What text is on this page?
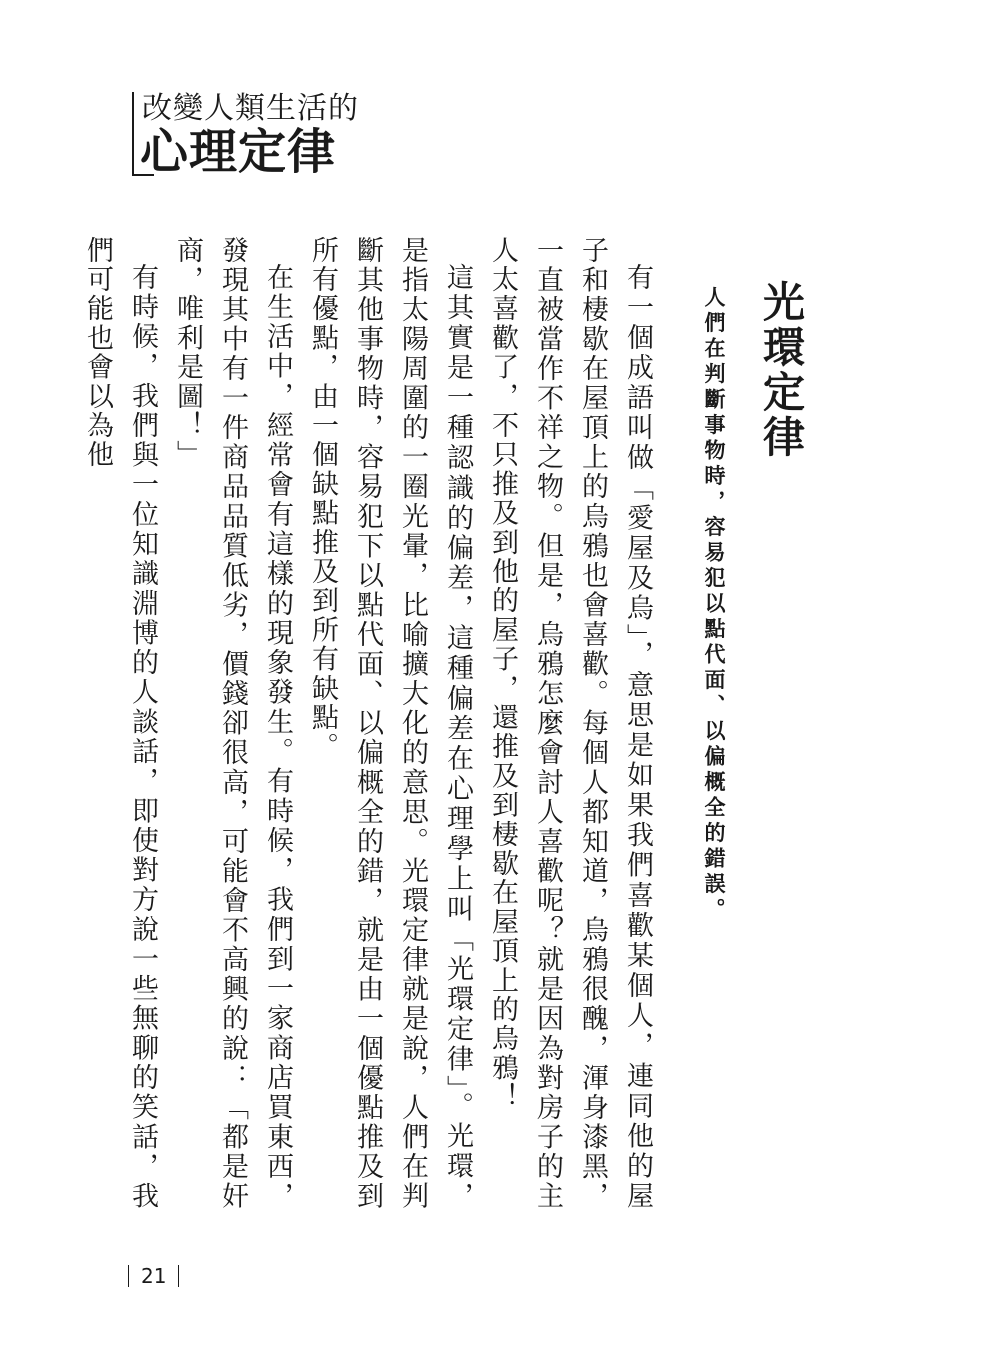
改變人類生活的
心理定律
光環定律
人們在判斷事物時，容易犯以點代面、以偏概全的錯誤。

有一個成語叫做「愛屋及烏」，意思是如果我們喜歡某個人，連同他的屋子和棲歇在屋頂上的烏鴉也會喜歡。每個人都知道，烏鴉很醜，渾身漆黑，一直被當作不祥之物。但是，烏鴉怎麼會討人喜歡呢？就是因為對房子的主人太喜歡了，不只推及到他的屋子，還推及到棲歇在屋頂上的烏鴉！

這其實是一種認識的偏差，這種偏差在心理學上叫「光環定律」。光環，是指太陽周圍的一圈光暈，比喻擴大化的意思。光環定律就是說，人們在判斷其他事物時，容易犯下以點代面、以偏概全的錯，就是由一個優點推及到所有優點，由一個缺點推及到所有缺點。

在生活中，經常會有這樣的現象發生。有時候，我們到一家商店買東西，發現其中有一件商品品質低劣，價錢卻很高，可能會不高興的說：「都是奸商，唯利是圖！」

有時候，我們與一位知識淵博的人談話，即使對方說一些無聊的笑話，我們可能也會以為他

21
